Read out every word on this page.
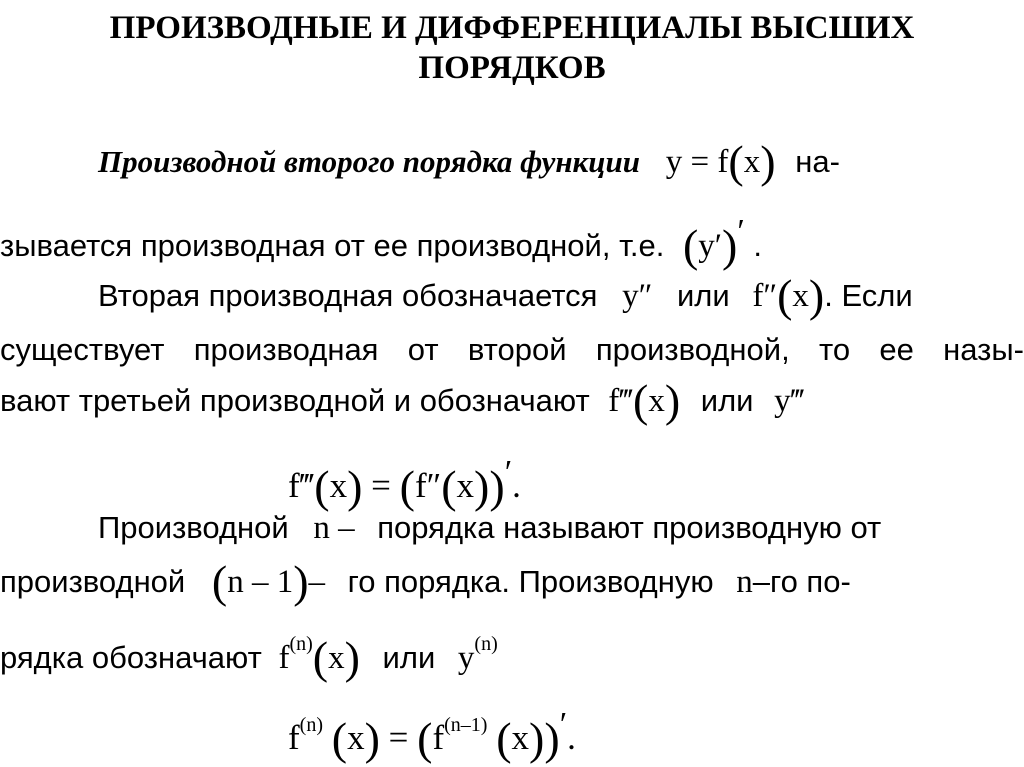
ПРОИЗВОДНЫЕ И ДИФФЕРЕНЦИАЛЫ ВЫСШИХ
ПОРЯДКОВ
Производной второго порядка функции y = f(x) на-
зывается производная от ее производной, т.е. (y′)′ .
Вторая производная обозначается y″ или f″(x). Если
существует производная от второй производной, то ее назы-
вают третьей производной и обозначают f‴(x) или y‴
f‴(x) = (f″(x))′.
Производной n – порядка называют производную от
производной (n – 1)– го порядка. Производную n–го по-
рядка обозначают $f^{(n)}(x)$ или $y^{(n)}$
$f^{(n)}$ $(x) = (f^{(n-1)}$ (x))′.
